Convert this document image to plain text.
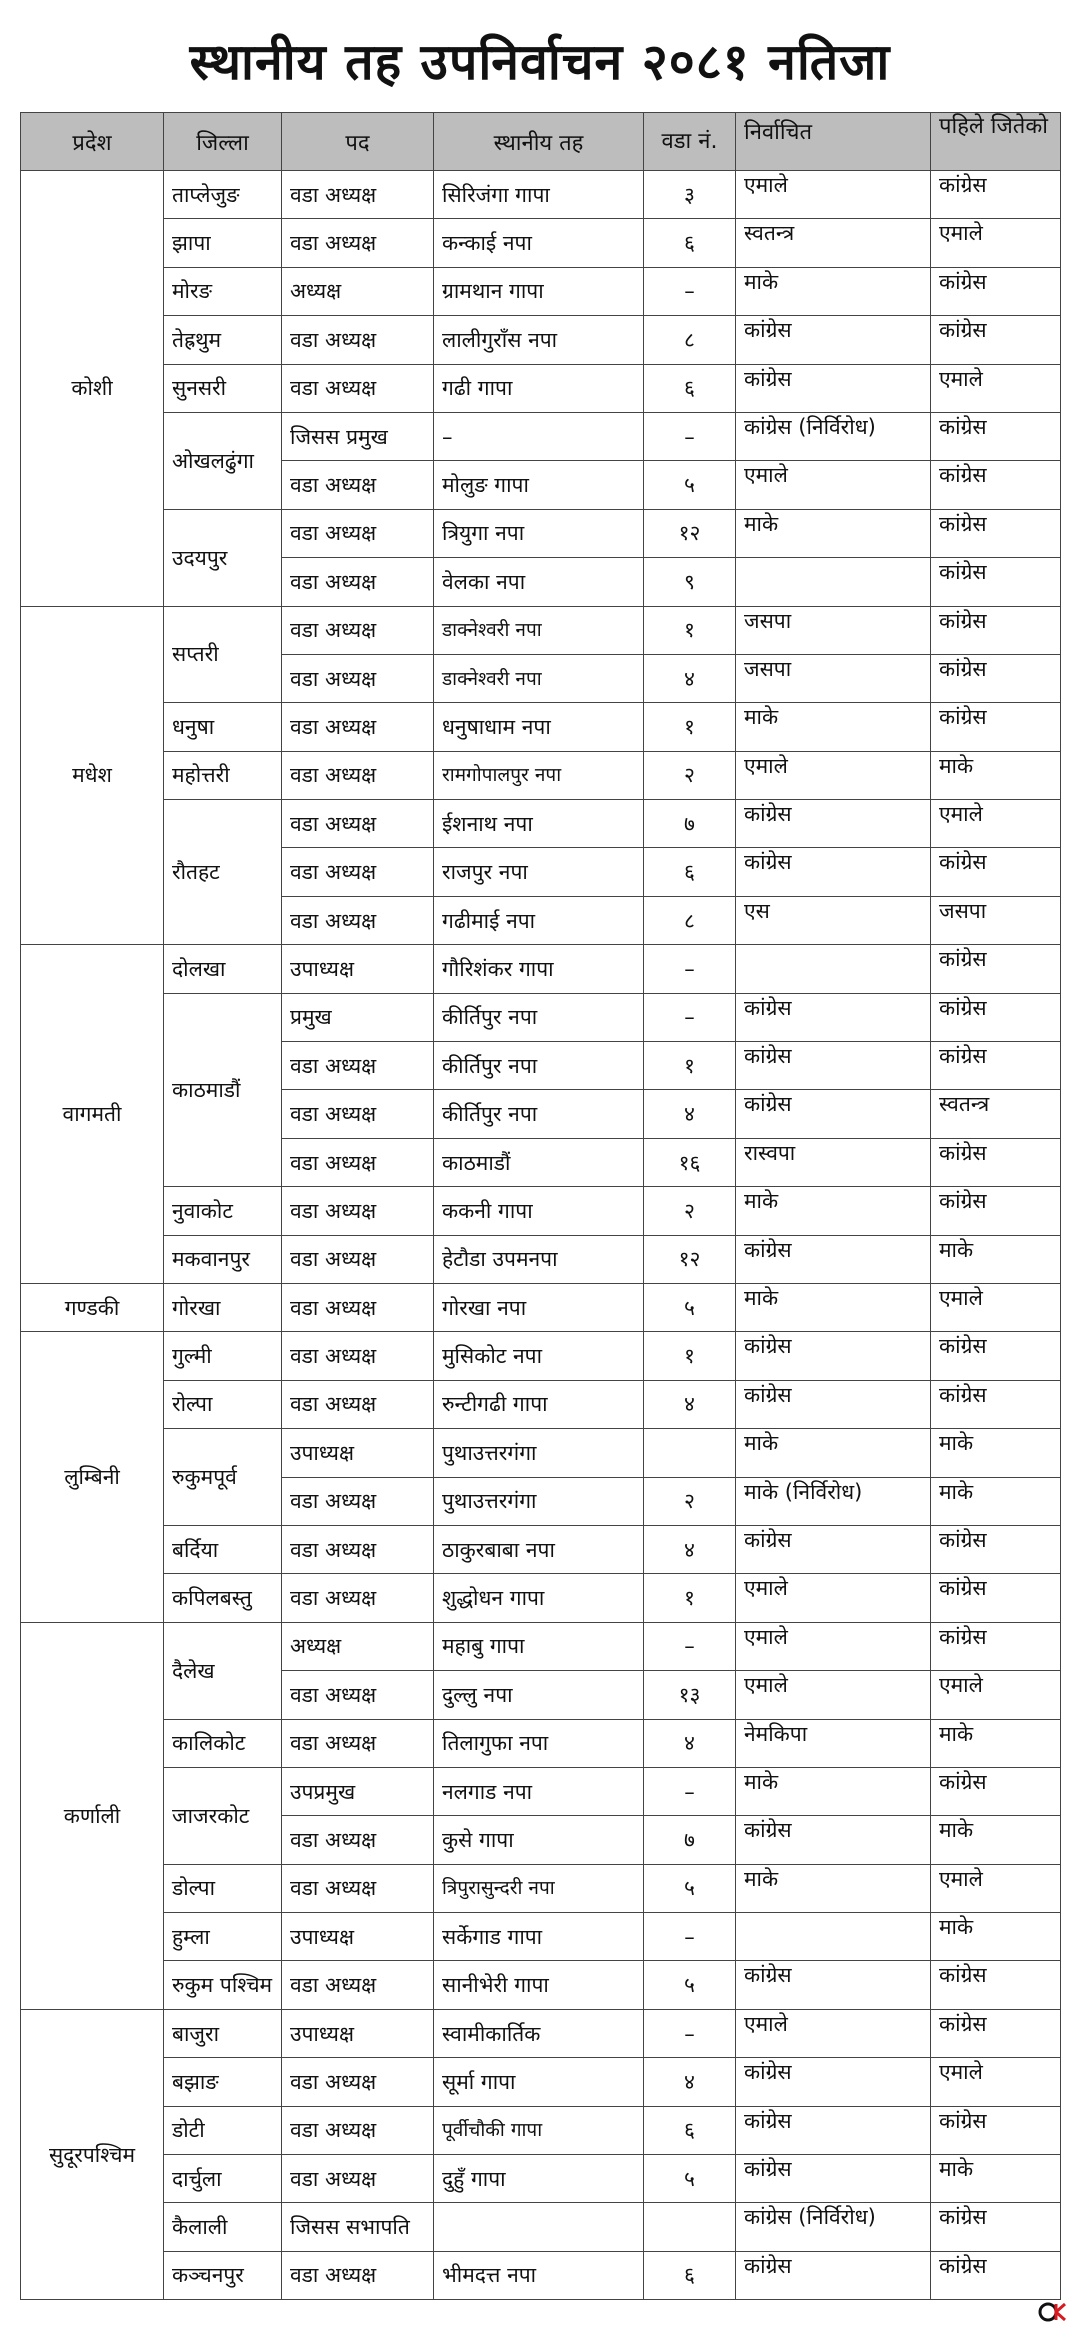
स्थानीय तह उपनिर्वाचन २०८१ नतिजा
प्रदेश	जिल्ला	पद	स्थानीय तह	वडा नं.	निर्वाचित	पहिले जितेको
कोशी	ताप्लेजुङ	वडा अध्यक्ष	सिरिजंगा गापा	३	एमाले	कांग्रेस
	झापा	वडा अध्यक्ष	कन्काई नपा	६	स्वतन्त्र	एमाले
	मोरङ	अध्यक्ष	ग्रामथान गापा	–	माके	कांग्रेस
	तेह्रथुम	वडा अध्यक्ष	लालीगुराँस नपा	८	कांग्रेस	कांग्रेस
	सुनसरी	वडा अध्यक्ष	गढी गापा	६	कांग्रेस	एमाले
	ओखलढुंगा	जिसस प्रमुख	–	–	कांग्रेस (निर्विरोध)	कांग्रेस
		वडा अध्यक्ष	मोलुङ गापा	५	एमाले	कांग्रेस
	उदयपुर	वडा अध्यक्ष	त्रियुगा नपा	१२	माके	कांग्रेस
		वडा अध्यक्ष	वेलका नपा	९		कांग्रेस
मधेश	सप्तरी	वडा अध्यक्ष	डाक्नेश्वरी नपा	१	जसपा	कांग्रेस
		वडा अध्यक्ष	डाक्नेश्वरी नपा	४	जसपा	कांग्रेस
	धनुषा	वडा अध्यक्ष	धनुषाधाम नपा	१	माके	कांग्रेस
	महोत्तरी	वडा अध्यक्ष	रामगोपालपुर नपा	२	एमाले	माके
	रौतहट	वडा अध्यक्ष	ईशनाथ नपा	७	कांग्रेस	एमाले
		वडा अध्यक्ष	राजपुर नपा	६	कांग्रेस	कांग्रेस
		वडा अध्यक्ष	गढीमाई नपा	८	एस	जसपा
वागमती	दोलखा	उपाध्यक्ष	गौरिशंकर गापा	–		कांग्रेस
	काठमाडौं	प्रमुख	कीर्तिपुर नपा	–	कांग्रेस	कांग्रेस
		वडा अध्यक्ष	कीर्तिपुर नपा	१	कांग्रेस	कांग्रेस
		वडा अध्यक्ष	कीर्तिपुर नपा	४	कांग्रेस	स्वतन्त्र
		वडा अध्यक्ष	काठमाडौं	१६	रास्वपा	कांग्रेस
	नुवाकोट	वडा अध्यक्ष	ककनी गापा	२	माके	कांग्रेस
	मकवानपुर	वडा अध्यक्ष	हेटौडा उपमनपा	१२	कांग्रेस	माके
गण्डकी	गोरखा	वडा अध्यक्ष	गोरखा नपा	५	माके	एमाले
लुम्बिनी	गुल्मी	वडा अध्यक्ष	मुसिकोट नपा	१	कांग्रेस	कांग्रेस
	रोल्पा	वडा अध्यक्ष	रुन्टीगढी गापा	४	कांग्रेस	कांग्रेस
	रुकुमपूर्व	उपाध्यक्ष	पुथाउत्तरगंगा		माके	माके
		वडा अध्यक्ष	पुथाउत्तरगंगा	२	माके (निर्विरोध)	माके
	बर्दिया	वडा अध्यक्ष	ठाकुरबाबा नपा	४	कांग्रेस	कांग्रेस
	कपिलबस्तु	वडा अध्यक्ष	शुद्धोधन गापा	१	एमाले	कांग्रेस
कर्णाली	दैलेख	अध्यक्ष	महाबु गापा	–	एमाले	कांग्रेस
		वडा अध्यक्ष	दुल्लु नपा	१३	एमाले	एमाले
	कालिकोट	वडा अध्यक्ष	तिलागुफा नपा	४	नेमकिपा	माके
	जाजरकोट	उपप्रमुख	नलगाड नपा	–	माके	कांग्रेस
		वडा अध्यक्ष	कुसे गापा	७	कांग्रेस	माके
	डोल्पा	वडा अध्यक्ष	त्रिपुरासुन्दरी नपा	५	माके	एमाले
	हुम्ला	उपाध्यक्ष	सर्केगाड गापा	–		माके
	रुकुम पश्चिम	वडा अध्यक्ष	सानीभेरी गापा	५	कांग्रेस	कांग्रेस
सुदूरपश्चिम	बाजुरा	उपाध्यक्ष	स्वामीकार्तिक	–	एमाले	कांग्रेस
	बझाङ	वडा अध्यक्ष	सूर्मा गापा	४	कांग्रेस	एमाले
	डोटी	वडा अध्यक्ष	पूर्वीचौकी गापा	६	कांग्रेस	कांग्रेस
	दार्चुला	वडा अध्यक्ष	दुहुँ गापा	५	कांग्रेस	माके
	कैलाली	जिसस सभापति			कांग्रेस (निर्विरोध)	कांग्रेस
	कञ्चनपुर	वडा अध्यक्ष	भीमदत्त नपा	६	कांग्रेस	कांग्रेस
OK
